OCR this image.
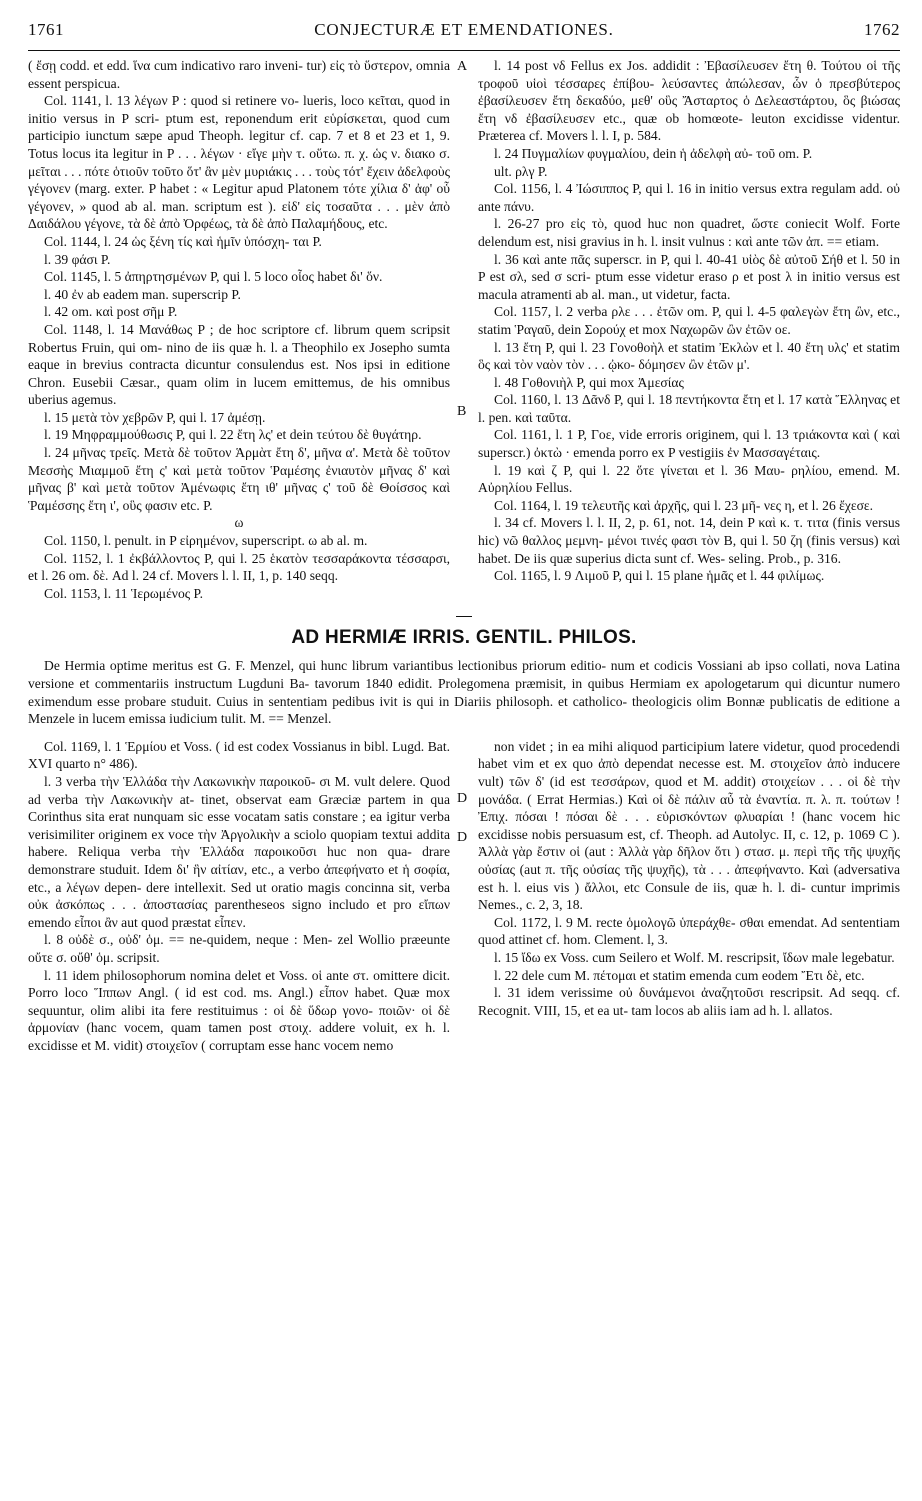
1761	CONJECTURÆ ET EMENDATIONES.	1762

( ἔσῃ codd. et edd. ἵνα cum indicativo raro inveni- tur) εἰς τὸ ὕστερον, omnia essent perspicua.

Col. 1141, l. 13 λέγων P : quod si retinere vo- lueris, loco κεῖται, quod in initio versus in P scri- ptum est, reponendum erit εὑρίσκεται, quod cum participio iunctum sæpe apud Theoph. legitur cf. cap. 7 et 8 et 23 et 1, 9. Totus locus ita legitur in P . . . λέγων · εἴγε μὴν τ. οὕτω. π. χ. ὡς ν. διακο σ. μεῖται . . . πότε ὁτιοῦν τοῦτο ὅτ' ἂν μὲν μυριάκις . . . τοὺς τότ' ἔχειν ἀδελφοὺς γέγονεν (marg. exter. P habet : « Legitur apud Platonem τότε χίλια δ' ἀφ' οὗ γέγονεν, » quod ab al. man. scriptum est ). εἰδ' εἰς τοσαῦτα . . . μὲν ἀπὸ Δαιδάλου γέγονε, τὰ δὲ ἀπὸ Ὀρφέως, τὰ δὲ ἀπὸ Παλαμήδους, etc.

Col. 1144, l. 24 ὡς ξένη τίς καὶ ἡμῖν ὑπόσχη- ται P.

l. 39 φάσι P.

Col. 1145, l. 5 ἀπηρτησμένων P, qui l. 5 loco οἷος habet δι' ὅν.

l. 40 ἐν ab eadem man. superscrip P.

l. 42 om. καὶ post σῆμ P.

Col. 1148, l. 14 Μανάθως P ; de hoc scriptore cf. librum quem scripsit Robertus Fruin, qui om- nino de iis quæ h. l. a Theophilo ex Josepho sumta eaque in brevius contracta dicuntur consulendus est. Nos ipsi in editione Chron. Eusebii Cæsar., quam olim in lucem emittemus, de his omnibus uberius agemus.

l. 15 μετὰ τὸν χεβρῶν P, qui l. 17 ἀμέσῃ.

l. 19 Μηφραμμούθωσις P, qui l. 22 ἔτη λς' et dein τεύτου δὲ θυγάτηρ.

l. 24 μῆνας τρεῖς. Μετὰ δὲ τοῦτον Ἁρμὰτ ἔτη δ', μῆνα α'. Μετὰ δὲ τοῦτον Μεσσὴς Μιαμμοῦ ἔτη ς' καὶ μετὰ τοῦτον Ῥαμέσης ἐνιαυτὸν μῆνας δ' καὶ μῆνας β' καὶ μετὰ τοῦτον Ἀμένωφις ἔτη ιθ' μῆνας ς' τοῦ δὲ Θοίσσος καὶ Ῥαμέσσης ἔτη ι', οὓς φασιν etc. P.

ω

Col. 1150, l. penult. in P εἰρημένον, superscript. ω ab al. m.

Col. 1152, l. 1 ἐκβάλλοντος P, qui l. 25 ἑκατὸν τεσσαράκοντα τέσσαρσι, et l. 26 om. δὲ. Ad l. 24 cf. Movers l. l. II, 1, p. 140 seqq.

Col. 1153, l. 11 Ἱερωμένος P.

A
B
D

l. 14 post νδ Fellus ex Jos. addidit : Ἐβασίλευσεν ἔτη θ. Τούτου οἱ τῆς τροφοῦ υἱοὶ τέσσαρες ἐπίβου- λεύσαντες ἀπώλεσαν, ὧν ὁ πρεσβύτερος ἐβασίλευσεν ἔτη δεκαδύο, μεθ' οὓς Ἄσταρτος ὁ Δελεαστάρτου, ὃς βιώσας ἔτη νδ ἐβασίλευσεν etc., quæ ob homœote- leuton excidisse videntur. Præterea cf. Movers l. l. I, p. 584.

l. 24 Πυγμαλίων φυγμαλίου, dein ἡ ἀδελφὴ αὐ- τοῦ om. P.

ult. ρλγ P.

Col. 1156, l. 4 Ἰώσιππος P, qui l. 16 in initio versus extra regulam add. οὐ ante πάνυ.

l. 26-27 pro εἰς τὸ, quod huc non quadret, ὥστε coniecit Wolf. Forte delendum est, nisi gravius in h. l. insit vulnus : καὶ ante τῶν ἀπ. == etiam.

l. 36 καὶ ante πᾶς superscr. in P, qui l. 40-41 υἱὸς δὲ αὐτοῦ Σήθ et l. 50 in P est σλ, sed σ scri- ptum esse videtur eraso ρ et post λ in initio versus est macula atramenti ab al. man., ut videtur, facta.

Col. 1157, l. 2 verba ρλε . . . ἐτῶν om. P, qui l. 4-5 φαλεγὼν ἔτη ὢν, etc., statim Ῥαγαῦ, dein Σορούχ et mox Ναχωρῶν ὢν ἐτῶν οε.

l. 13 ἔτη P, qui l. 23 Γονοθοὴλ et statim Ἐκλὼν et l. 40 ἔτη υλς' et statim ὃς καὶ τὸν ναὸν τὸν . . . ᾠκο- δόμησεν ὢν ἐτῶν μ'.

l. 48 Γοθονιὴλ P, qui mox Ἀμεσίας

Col. 1160, l. 13 Δᾶνδ P, qui l. 18 πεντήκοντα ἔτη et l. 17 κατὰ Ἕλληνας et l. pen. καὶ ταῦτα.

Col. 1161, l. 1 P, Γοε, vide erroris originem, qui l. 13 τριάκοντα καὶ ( καὶ superscr.) ὀκτὼ · emenda porro ex P vestigiis ἐν Μασσαγέταις.

l. 19 καὶ ζ P, qui l. 22 ὅτε γίνεται et l. 36 Μαυ- ρηλίου, emend. M. Αὐρηλίου Fellus.

Col. 1164, l. 19 τελευτῆς καὶ ἀρχῆς, qui l. 23 μῆ- νες η, et l. 26 ἔχεσε.

l. 34 cf. Movers l. l. II, 2, p. 61, not. 14, dein P καὶ κ. τ. τιτα (finis versus hic) νῶ θαλλος μεμνη- μένοι τινές φασι τὸν Β, qui l. 50 ζη (finis versus) καὶ habet. De iis quæ superius dicta sunt cf. Wes- seling. Prob., p. 316.

Col. 1165, l. 9 Λιμοῦ P, qui l. 15 plane ἡμᾶς et l. 44 φιλίμως.

AD HERMIÆ IRRIS. GENTIL. PHILOS.

De Hermia optime meritus est G. F. Menzel, qui hunc librum variantibus lectionibus priorum editio- num et codicis Vossiani ab ipso collati, nova Latina versione et commentariis instructum Lugduni Ba- tavorum 1840 edidit. Prolegomena præmisit, in quibus Hermiam ex apologetarum qui dicuntur numero eximendum esse probare studuit. Cuius in sententiam pedibus ivit is qui in Diariis philosoph. et catholico- theologicis olim Bonnæ publicatis de editione a Menzele in lucem emissa iudicium tulit. M. == Menzel.

Col. 1169, l. 1 Ἑρμίου et Voss. ( id est codex Vossianus in bibl. Lugd. Bat. XVI quarto n° 486).

l. 3 verba τὴν Ἑλλάδα τὴν Λακωνικὴν παροικοῦ- σι M. vult delere. Quod ad verba τὴν Λακωνικὴν at- tinet, observat eam Græciæ partem in qua Corinthus sita erat nunquam sic esse vocatam satis constare ; ea igitur verba verisimiliter originem ex voce τὴν Ἀργολικὴν a sciolo quopiam textui addita habere. Reliqua verba τὴν Ἑλλάδα παροικοῦσι huc non qua- drare demonstrare studuit. Idem δι' ἣν αἰτίαν, etc., a verbo ἀπεφήνατο et ἡ σοφία, etc., a λέγων depen- dere intellexit. Sed ut oratio magis concinna sit, verba οὐκ ἀσκόπως . . . ἀποστασίας parentheseos signo includo et pro εἴπων emendo εἶποι ἂν aut quod præstat εἶπεν.

l. 8 οὐδὲ σ., οὐδ' ὁμ. == ne-quidem, neque : Men- zel Wollio præeunte οὔτε σ. οὔθ' ὁμ. scripsit.

l. 11 idem philosophorum nomina delet et Voss. οἱ ante στ. omittere dicit. Porro loco Ἵππων Angl. ( id est cod. ms. Angl.) εἶπον habet. Quæ mox sequuntur, olim alibi ita fere restituimus : οἱ δὲ ὕδωρ γονο- ποιῶν· οἱ δὲ ἀρμονίαν (hanc vocem, quam tamen post στοιχ. addere voluit, ex h. l. excidisse et M. vidit) στοιχεῖον ( corruptam esse hanc vocem nemo

D

non videt ; in ea mihi aliquod participium latere videtur, quod procedendi habet vim et ex quo ἀπὸ dependat necesse est. M. στοιχεῖον ἀπὸ inducere vult) τῶν δ' (id est τεσσάρων, quod et M. addit) στοιχείων . . . οἱ δὲ τὴν μονάδα. ( Errat Hermias.) Καὶ οἱ δὲ πάλιν αὖ τὰ ἐναντία. π. λ. π. τούτων ! Ἐπιχ. πόσαι ! πόσαι δὲ . . . εὑρισκόντων φλυαρίαι ! (hanc vocem hic excidisse nobis persuasum est, cf. Theoph. ad Autolyc. II, c. 12, p. 1069 C ). Ἀλλὰ γὰρ ἔστιν οἱ (aut : Ἀλλὰ γὰρ δῆλον ὅτι ) στασ. μ. περὶ τῆς τῆς ψυχῆς οὐσίας (aut π. τῆς οὐσίας τῆς ψυχῆς), τὰ . . . ἀπεφήναντο. Καὶ (adversativa est h. l. eius vis ) ἄλλοι, etc Consule de iis, quæ h. l. di- cuntur imprimis Nemes., c. 2, 3, 18.

Col. 1172, l. 9 M. recte ὁμολογῶ ὑπεράχθε- σθαι emendat. Ad sententiam quod attinet cf. hom. Clement. l, 3.

l. 15 ἴδω ex Voss. cum Seilero et Wolf. M. rescripsit, ἴδων male legebatur.

l. 22 dele cum M. πέτομαι et statim emenda cum eodem Ἔτι δὲ, etc.

l. 31 idem verissime οὐ δυνάμενοι ἀναζητοῦσι rescripsit. Ad seqq. cf. Recognit. VIII, 15, et ea ut- tam locos ab aliis iam ad h. l. allatos.
